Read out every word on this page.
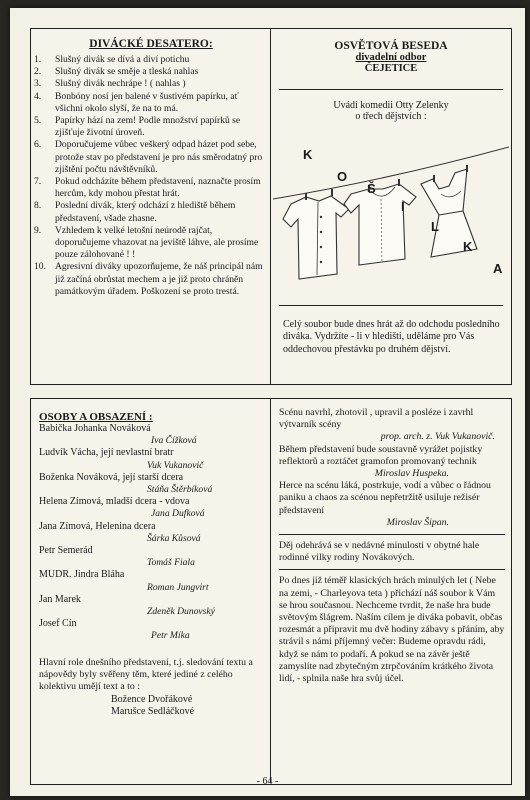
DIVÁCKÉ DESATERO:
1. Slušný divák se dívá a diví potichu
2. Slušný divák se směje a tleská nahlas
3. Slušný divák nechrápe ! ( nahlas )
4. Bonbóny nosí jen balené v šustivém papírku, ať všichni okolo slyší, že na to má.
5. Papírky hází na zem! Podle množství papírků se zjišťuje životní úroveň.
6. Doporučujeme vůbec veškerý odpad házet pod sebe, protože stav po představení je pro nás směrodatný pro zjištění počtu návštěvníků.
7. Pokud odcházíte během představení, naznačte prosím hercům, kdy mohou přestat hrát.
8. Poslední divák, který odchází z hlediště během představení, všade zhasne.
9. Vzhledem k velké letošní neúrodě rajčat, doporučujeme vhazovat na jeviště láhve, ale prosíme pouze zálohované ! !
10. Agresivní diváky upozorňujeme, že náš principál nám již začíná obrůstat mechem a je již proto chráněn památkovým úřadem. Poškození se proto trestá.
OSVĚTOVÁ BESEDA
divadelní odbor
ČEJETICE
Uvádí komedii Otty Zelenky
o třech dějstvích :
K
O
Š
I
L
K
A
Celý soubor bude dnes hrát až do odchodu posledního diváka. Vydržíte - li v hledišti, uděláme pro Vás oddechovou přestávku po druhém dějství.
OSOBY A OBSAZENÍ :
Babička Johanka Nováková
Iva Čížková
Ludvík Vácha, její nevlastní bratr
Vuk Vukanovič
Boženka Nováková, její starší dcera
Stáňa Štěrbíková
Helena Zímová, mladší dcera - vdova
Jana Dufková
Jana Zímová, Helenina dcera
Šárka Kůsová
Petr Semerád
Tomáš Fiala
MUDR. Jindra Bláha
Roman Jungvirt
Jan Marek
Zdeněk Dunovský
Josef Cín
Petr Míka
Hlavní role dnešního představení, t.j. sledování textu a nápovědy byly svěřeny těm, které jediné z celého kolektivu umějí text a to :
Božence Dvořákové
Marušce Sedláčkové
Scénu navrhl, zhotovil , upravil a posléze i zavrhl výtvarník scény
prop. arch. z. Vuk Vukanovič.
Během představení bude soustavně vyrážet pojistky reflektorů a roztáčet gramofon promovaný technik
Miroslav Huspeka.
Herce na scénu láká, postrkuje, vodí a vůbec o řádnou paniku a chaos za scénou nepřetržitě usiluje režisér představení
Miroslav Šipan.
Děj odehrává se v nedávné minulosti v obytné hale rodinné vilky rodiny Novákových.
Po dnes již téměř klasických hrách minulých let ( Nebe na zemi, - Charleyova teta ) přichází náš soubor k Vám se hrou současnou. Nechceme tvrdit, že naše hra bude světovým šlágrem. Naším cílem je diváka pobavit, občas rozesmát a připravit mu dvě hodiny zábavy s přáním, aby strávil s námi příjemný večer: Budeme opravdu rádi, když se nám to podaří. A pokud se na závěr ještě zamyslíte nad zbytečným ztrpčováním krátkého života lidí, - splnila naše hra svůj účel.
- 64 -
